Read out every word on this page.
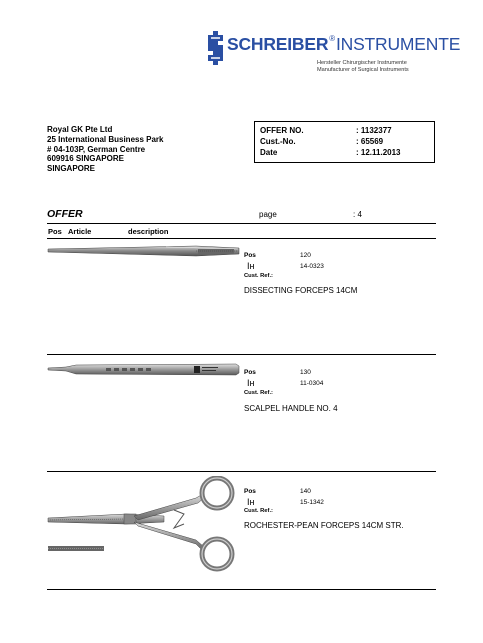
SCHREIBER®INSTRUMENTE
Hersteller Chirurgischer Instrumente
Manufacturer of Surgical Instruments
Royal GK Pte Ltd
25 International Business Park
# 04-103P, German Centre
609916 SINGAPORE
SINGAPORE
OFFER NO.	: 1132377
Cust.-No.	: 65569
Date	: 12.11.2013
OFFER	page	: 4
Pos Article	description
Pos	120
Iн	14-0323
Cust. Ref.:
DISSECTING FORCEPS 14CM
Pos	130
Iн	11-0304
Cust. Ref.:
SCALPEL HANDLE NO. 4
Pos	140
Iн	15-1342
Cust. Ref.:
ROCHESTER-PEAN FORCEPS 14CM STR.
